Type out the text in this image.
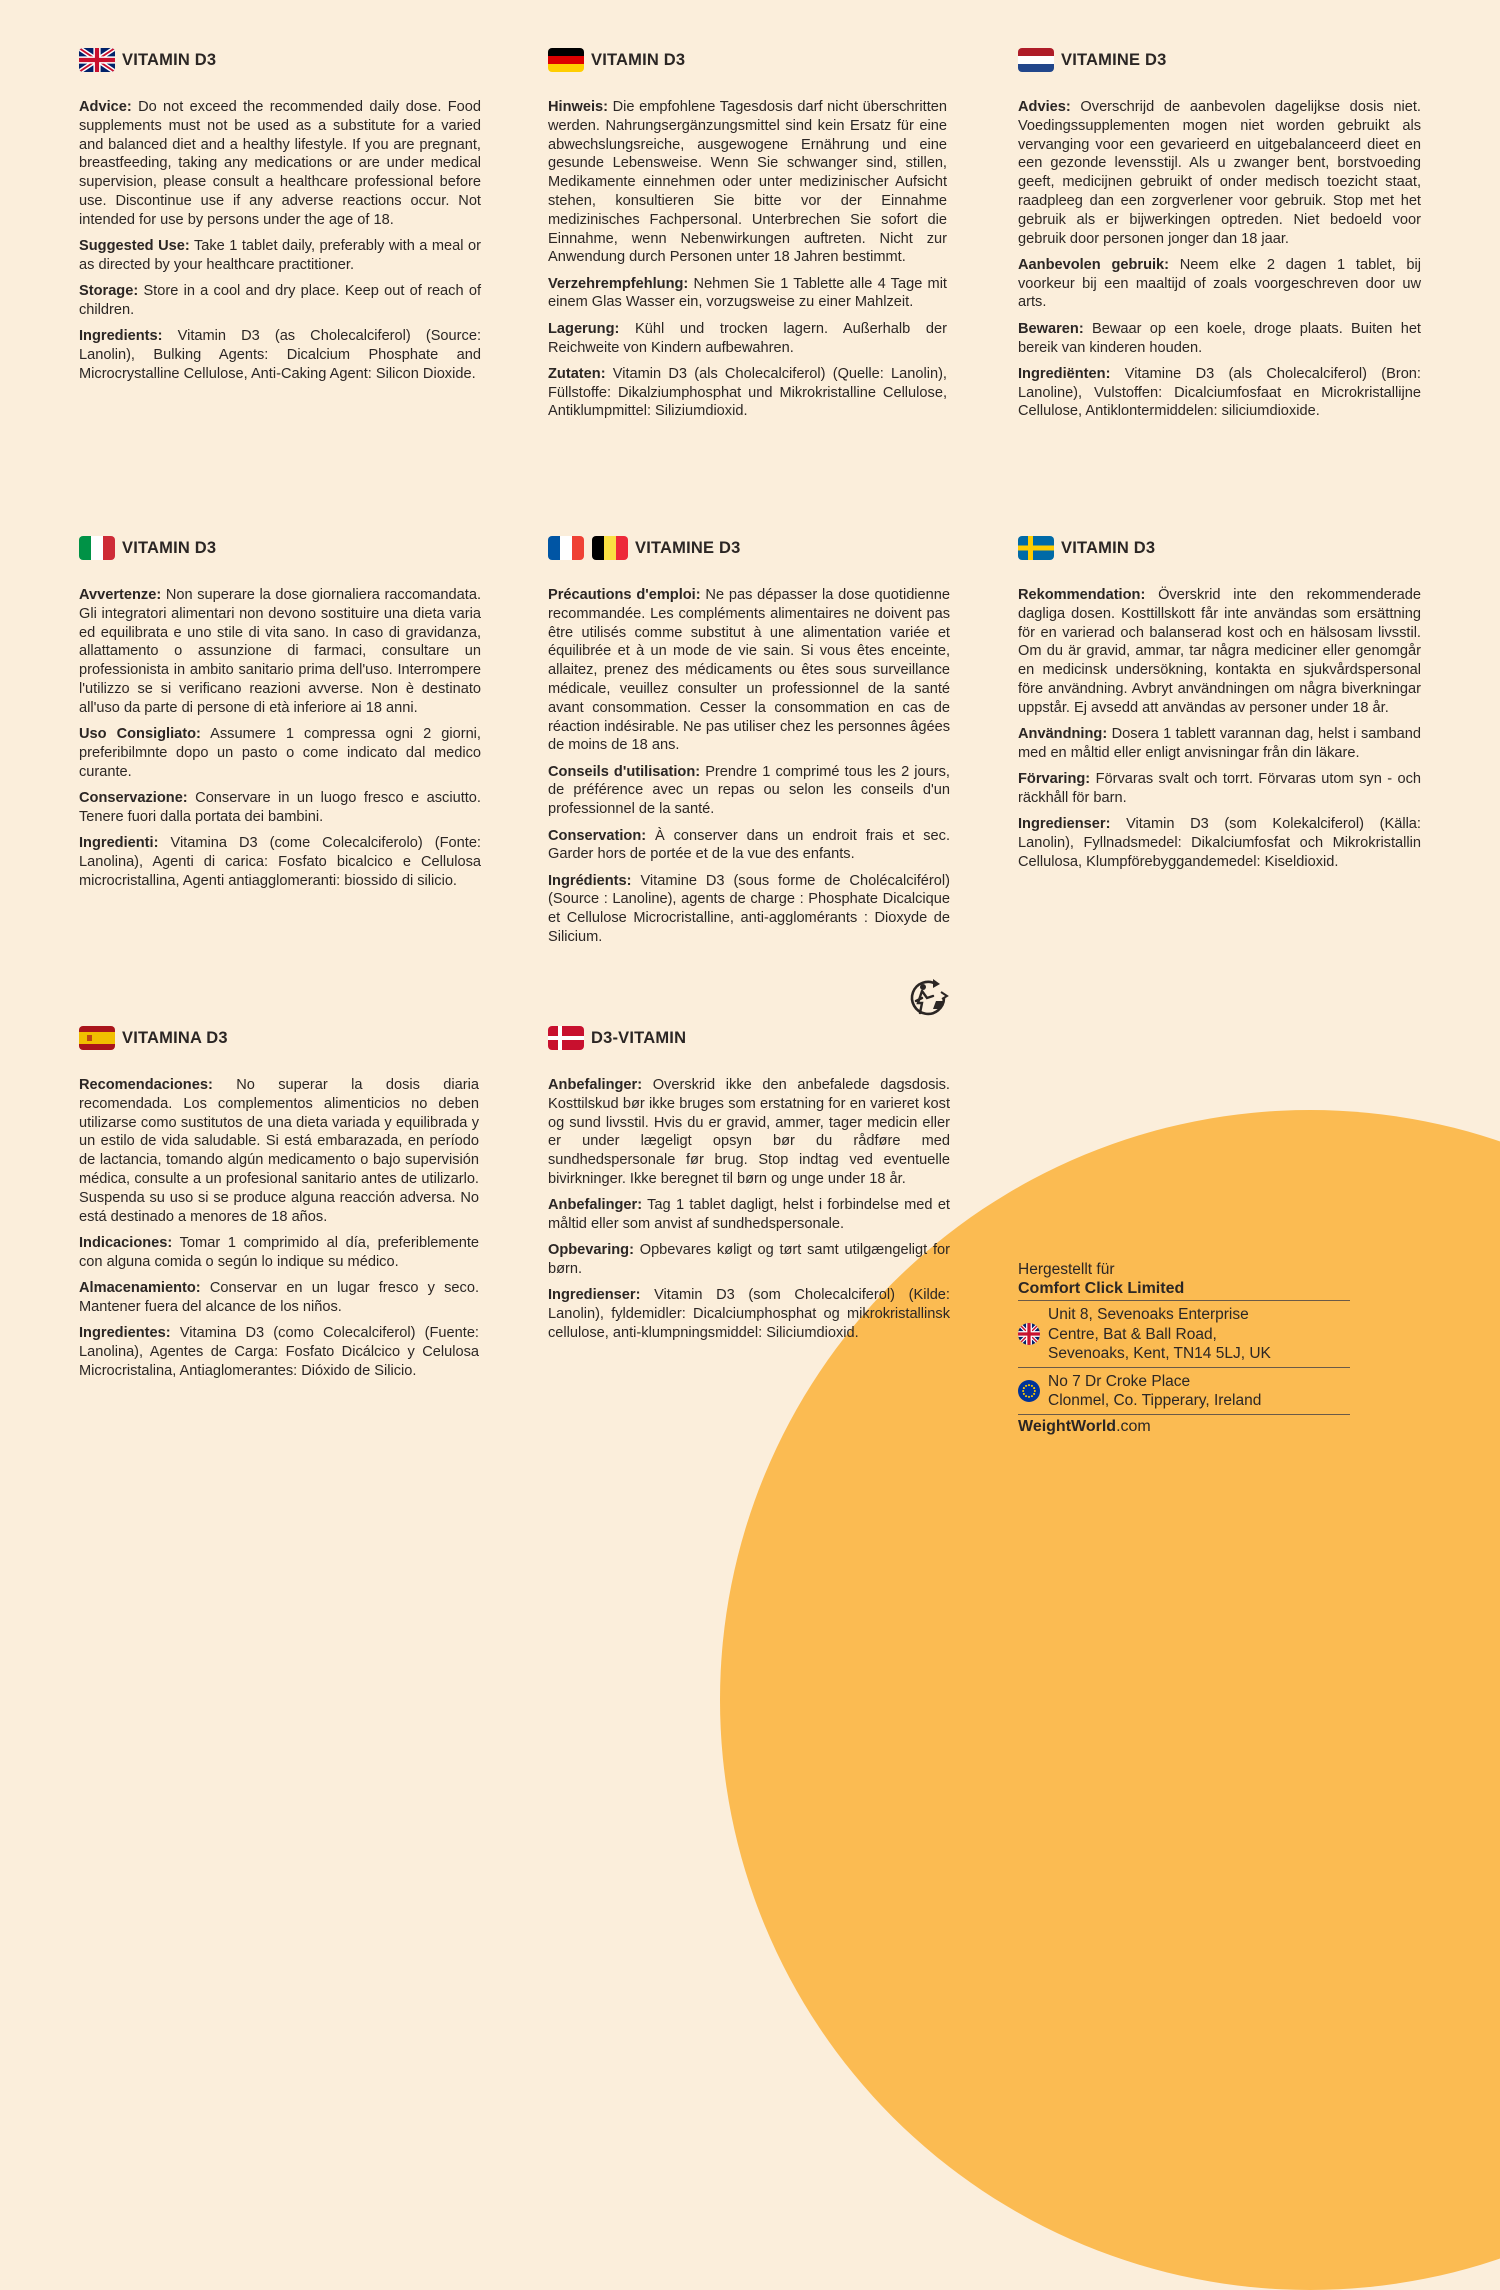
VITAMIN D3

Advice: Do not exceed the recommended daily dose. Food supplements must not be used as a substitute for a varied and balanced diet and a healthy lifestyle. If you are pregnant, breastfeeding, taking any medications or are under medical supervision, please consult a healthcare professional before use. Discontinue use if any adverse reactions occur. Not intended for use by persons under the age of 18.

Suggested Use: Take 1 tablet daily, preferably with a meal or as directed by your healthcare practitioner.

Storage: Store in a cool and dry place. Keep out of reach of children.

Ingredients: Vitamin D3 (as Cholecalciferol) (Source: Lanolin), Bulking Agents: Dicalcium Phosphate and Microcrystalline Cellulose, Anti-Caking Agent: Silicon Dioxide.

VITAMIN D3

Hinweis: Die empfohlene Tagesdosis darf nicht überschritten werden. Nahrungsergänzungsmittel sind kein Ersatz für eine abwechslungsreiche, ausgewogene Ernährung und eine gesunde Lebensweise. Wenn Sie schwanger sind, stillen, Medikamente einnehmen oder unter medizinischer Aufsicht stehen, konsultieren Sie bitte vor der Einnahme medizinisches Fachpersonal. Unterbrechen Sie sofort die Einnahme, wenn Nebenwirkungen auftreten. Nicht zur Anwendung durch Personen unter 18 Jahren bestimmt.

Verzehrempfehlung: Nehmen Sie 1 Tablette alle 4 Tage mit einem Glas Wasser ein, vorzugsweise zu einer Mahlzeit.

Lagerung: Kühl und trocken lagern. Außerhalb der Reichweite von Kindern aufbewahren.

Zutaten: Vitamin D3 (als Cholecalciferol) (Quelle: Lanolin), Füllstoffe: Dikalziumphosphat und Mikrokristalline Cellulose, Antiklumpmittel: Siliziumdioxid.

VITAMINE D3

Advies: Overschrijd de aanbevolen dagelijkse dosis niet. Voedingssupplementen mogen niet worden gebruikt als vervanging voor een gevarieerd en uitgebalanceerd dieet en een gezonde levensstijl. Als u zwanger bent, borstvoeding geeft, medicijnen gebruikt of onder medisch toezicht staat, raadpleeg dan een zorgverlener voor gebruik. Stop met het gebruik als er bijwerkingen optreden. Niet bedoeld voor gebruik door personen jonger dan 18 jaar.

Aanbevolen gebruik: Neem elke 2 dagen 1 tablet, bij voorkeur bij een maaltijd of zoals voorgeschreven door uw arts.

Bewaren: Bewaar op een koele, droge plaats. Buiten het bereik van kinderen houden.

Ingrediënten: Vitamine D3 (als Cholecalciferol) (Bron: Lanoline), Vulstoffen: Dicalciumfosfaat en Microkristallijne Cellulose, Antiklontermiddelen: siliciumdioxide.

VITAMIN D3

Avvertenze: Non superare la dose giornaliera raccomandata. Gli integratori alimentari non devono sostituire una dieta varia ed equilibrata e uno stile di vita sano. In caso di gravidanza, allattamento o assunzione di farmaci, consultare un professionista in ambito sanitario prima dell'uso. Interrompere l'utilizzo se si verificano reazioni avverse. Non è destinato all'uso da parte di persone di età inferiore ai 18 anni.

Uso Consigliato: Assumere 1 compressa ogni 2 giorni, preferibilmnte dopo un pasto o come indicato dal medico curante.

Conservazione: Conservare in un luogo fresco e asciutto. Tenere fuori dalla portata dei bambini.

Ingredienti: Vitamina D3 (come Colecalciferolo) (Fonte: Lanolina), Agenti di carica: Fosfato bicalcico e Cellulosa microcristallina, Agenti antiagglomeranti: biossido di silicio.

VITAMINE D3

Précautions d'emploi: Ne pas dépasser la dose quotidienne recommandée. Les compléments alimentaires ne doivent pas être utilisés comme substitut à une alimentation variée et équilibrée et à un mode de vie sain. Si vous êtes enceinte, allaitez, prenez des médicaments ou êtes sous surveillance médicale, veuillez consulter un professionnel de la santé avant consommation. Cesser la consommation en cas de réaction indésirable. Ne pas utiliser chez les personnes âgées de moins de 18 ans.

Conseils d'utilisation: Prendre 1 comprimé tous les 2 jours, de préférence avec un repas ou selon les conseils d'un professionnel de la santé.

Conservation: À conserver dans un endroit frais et sec. Garder hors de portée et de la vue des enfants.

Ingrédients: Vitamine D3 (sous forme de Cholécalciférol) (Source : Lanoline), agents de charge : Phosphate Dicalcique et Cellulose Microcristalline, anti-agglomérants : Dioxyde de Silicium.

VITAMIN D3

Rekommendation: Överskrid inte den rekommenderade dagliga dosen. Kosttillskott får inte användas som ersättning för en varierad och balanserad kost och en hälsosam livsstil. Om du är gravid, ammar, tar några mediciner eller genomgår en medicinsk undersökning, kontakta en sjukvårdspersonal före användning. Avbryt användningen om några biverkningar uppstår. Ej avsedd att användas av personer under 18 år.

Användning: Dosera 1 tablett varannan dag, helst i samband med en måltid eller enligt anvisningar från din läkare.

Förvaring: Förvaras svalt och torrt. Förvaras utom syn - och räckhåll för barn.

Ingredienser: Vitamin D3 (som Kolekalciferol) (Källa: Lanolin), Fyllnadsmedel: Dikalciumfosfat och Mikrokristallin Cellulosa, Klumpförebyggandemedel: Kiseldioxid.

VITAMINA D3

Recomendaciones: No superar la dosis diaria recomendada. Los complementos alimenticios no deben utilizarse como sustitutos de una dieta variada y equilibrada y un estilo de vida saludable. Si está embarazada, en período de lactancia, tomando algún medicamento o bajo supervisión médica, consulte a un profesional sanitario antes de utilizarlo. Suspenda su uso si se produce alguna reacción adversa. No está destinado a menores de 18 años.

Indicaciones: Tomar 1 comprimido al día, preferiblemente con alguna comida o según lo indique su médico.

Almacenamiento: Conservar en un lugar fresco y seco. Mantener fuera del alcance de los niños.

Ingredientes: Vitamina D3 (como Colecalciferol) (Fuente: Lanolina), Agentes de Carga: Fosfato Dicálcico y Celulosa Microcristalina, Antiaglomerantes: Dióxido de Silicio.

D3-VITAMIN

Anbefalinger: Overskrid ikke den anbefalede dagsdosis. Kosttilskud bør ikke bruges som erstatning for en varieret kost og sund livsstil. Hvis du er gravid, ammer, tager medicin eller er under lægeligt opsyn bør du rådføre med sundhedspersonale før brug. Stop indtag ved eventuelle bivirkninger. Ikke beregnet til børn og unge under 18 år.

Anbefalinger: Tag 1 tablet dagligt, helst i forbindelse med et måltid eller som anvist af sundhedspersonale.

Opbevaring: Opbevares køligt og tørt samt utilgængeligt for børn.

Ingredienser: Vitamin D3 (som Cholecalciferol) (Kilde: Lanolin), fyldemidler: Dicalciumphosphat og mikrokristallinsk cellulose, anti-klumpningsmiddel: Siliciumdioxid.

Hergestellt für
Comfort Click Limited
Unit 8, Sevenoaks Enterprise
Centre, Bat & Ball Road,
Sevenoaks, Kent, TN14 5LJ, UK
No 7 Dr Croke Place
Clonmel, Co. Tipperary, Ireland
WeightWorld.com
